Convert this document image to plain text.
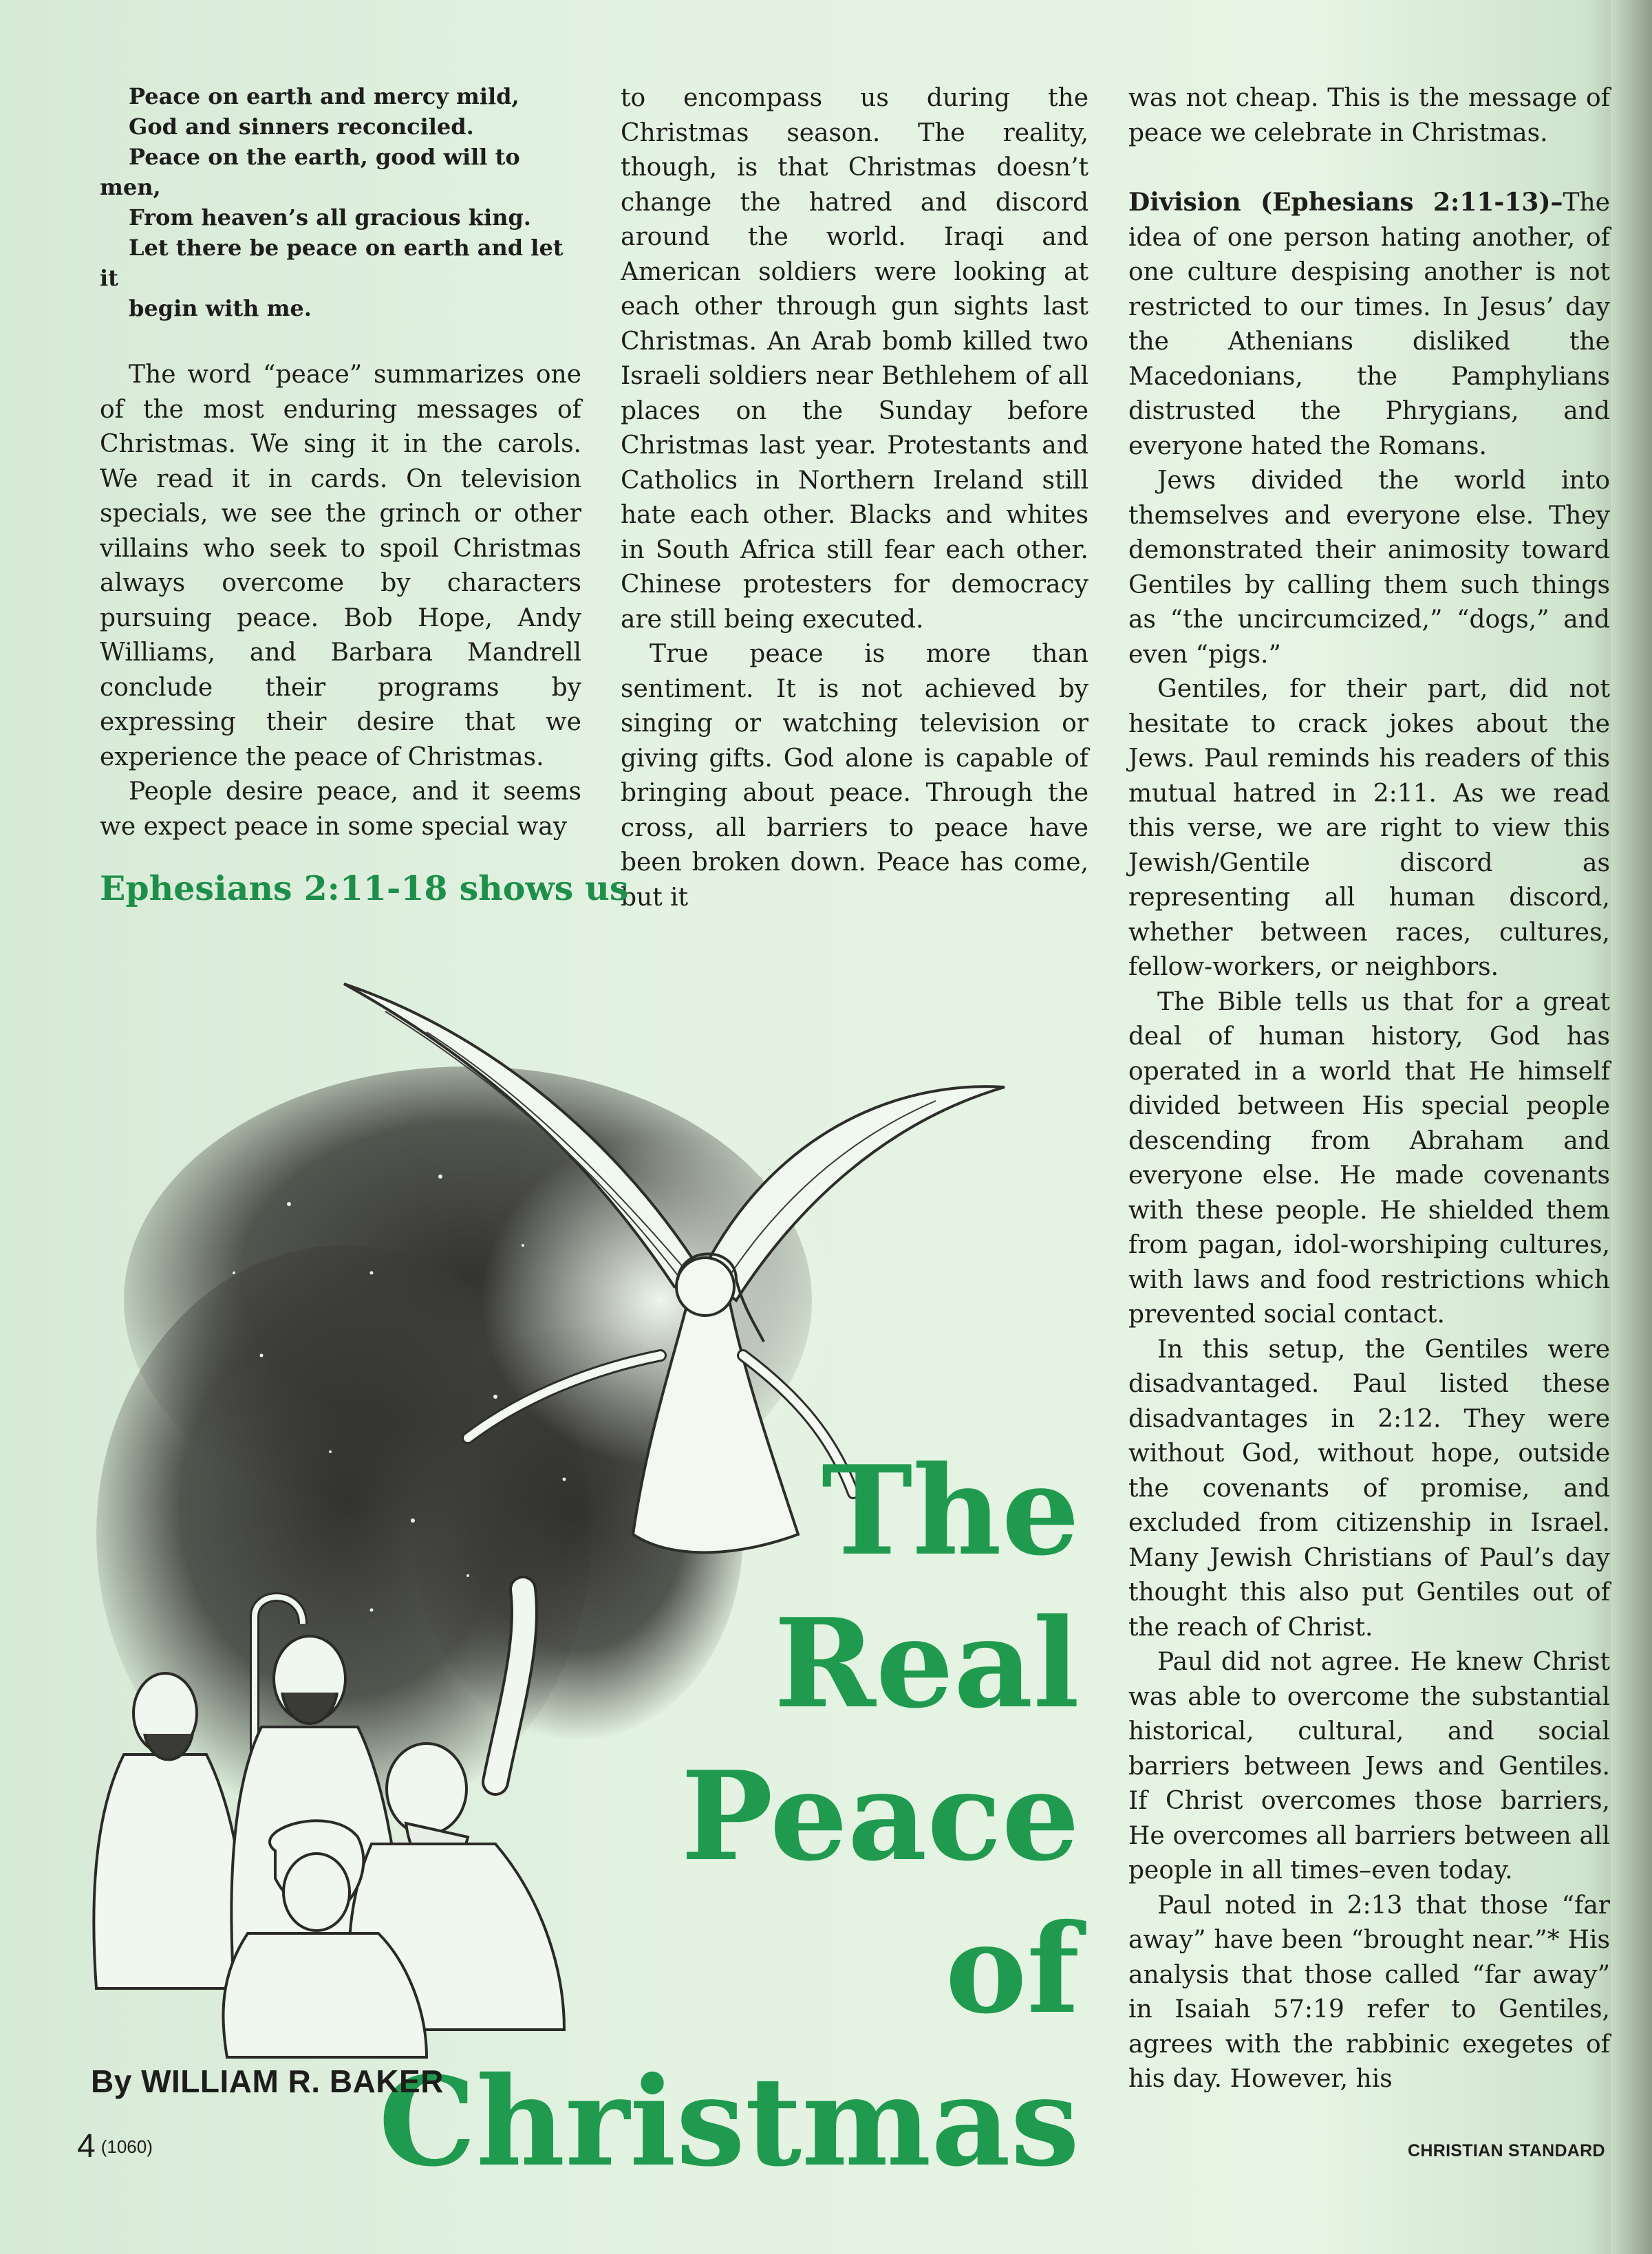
Peace on earth and mercy mild,
God and sinners reconciled.

Peace on the earth, good will to men,
From heaven’s all gracious king.

Let there be peace on earth and let it
begin with me.

The word “peace” summarizes one of the most enduring messages of Christmas. We sing it in the carols. We read it in cards. On television specials, we see the grinch or other villains who seek to spoil Christmas always overcome by characters pursuing peace. Bob Hope, Andy Williams, and Barbara Mandrell conclude their programs by expressing their desire that we experience the peace of Christmas.

People desire peace, and it seems we expect peace in some special way

to encompass us during the Christmas season. The reality, though, is that Christmas doesn’t change the hatred and discord around the world. Iraqi and American soldiers were looking at each other through gun sights last Christmas. An Arab bomb killed two Israeli soldiers near Bethlehem of all places on the Sunday before Christmas last year. Protestants and Catholics in Northern Ireland still hate each other. Blacks and whites in South Africa still fear each other. Chinese protesters for democracy are still being executed.

True peace is more than sentiment. It is not achieved by singing or watching television or giving gifts. God alone is capable of bringing about peace. Through the cross, all barriers to peace have been broken down. Peace has come, but it

was not cheap. This is the message of peace we celebrate in Christmas.

Division (Ephesians 2:11-13)–The idea of one person hating another, of one culture despising another is not restricted to our times. In Jesus’ day the Athenians disliked the Macedonians, the Pamphylians distrusted the Phrygians, and everyone hated the Romans.

Jews divided the world into themselves and everyone else. They demonstrated their animosity toward Gentiles by calling them such things as “the uncircumcized,” “dogs,” and even “pigs.”

Gentiles, for their part, did not hesitate to crack jokes about the Jews. Paul reminds his readers of this mutual hatred in 2:11. As we read this verse, we are right to view this Jewish/Gentile discord as representing all human discord, whether between races, cultures, fellow-workers, or neighbors.

The Bible tells us that for a great deal of human history, God has operated in a world that He himself divided between His special people descending from Abraham and everyone else. He made covenants with these people. He shielded them from pagan, idol-worshiping cultures, with laws and food restrictions which prevented social contact.

In this setup, the Gentiles were disadvantaged. Paul listed these disadvantages in 2:12. They were without God, without hope, outside the covenants of promise, and excluded from citizenship in Israel. Many Jewish Christians of Paul’s day thought this also put Gentiles out of the reach of Christ.

Paul did not agree. He knew Christ was able to overcome the substantial historical, cultural, and social barriers between Jews and Gentiles. If Christ overcomes those barriers, He overcomes all barriers between all people in all times–even today.

Paul noted in 2:13 that those “far away” have been “brought near.”* His analysis that those called “far away” in Isaiah 57:19 refer to Gentiles, agrees with the rabbinic exegetes of his day. However, his

Ephesians 2:11-18 shows us
The
Real
Peace
of
Christmas
By WILLIAM R. BAKER
4 (1060)	CHRISTIAN STANDARD
